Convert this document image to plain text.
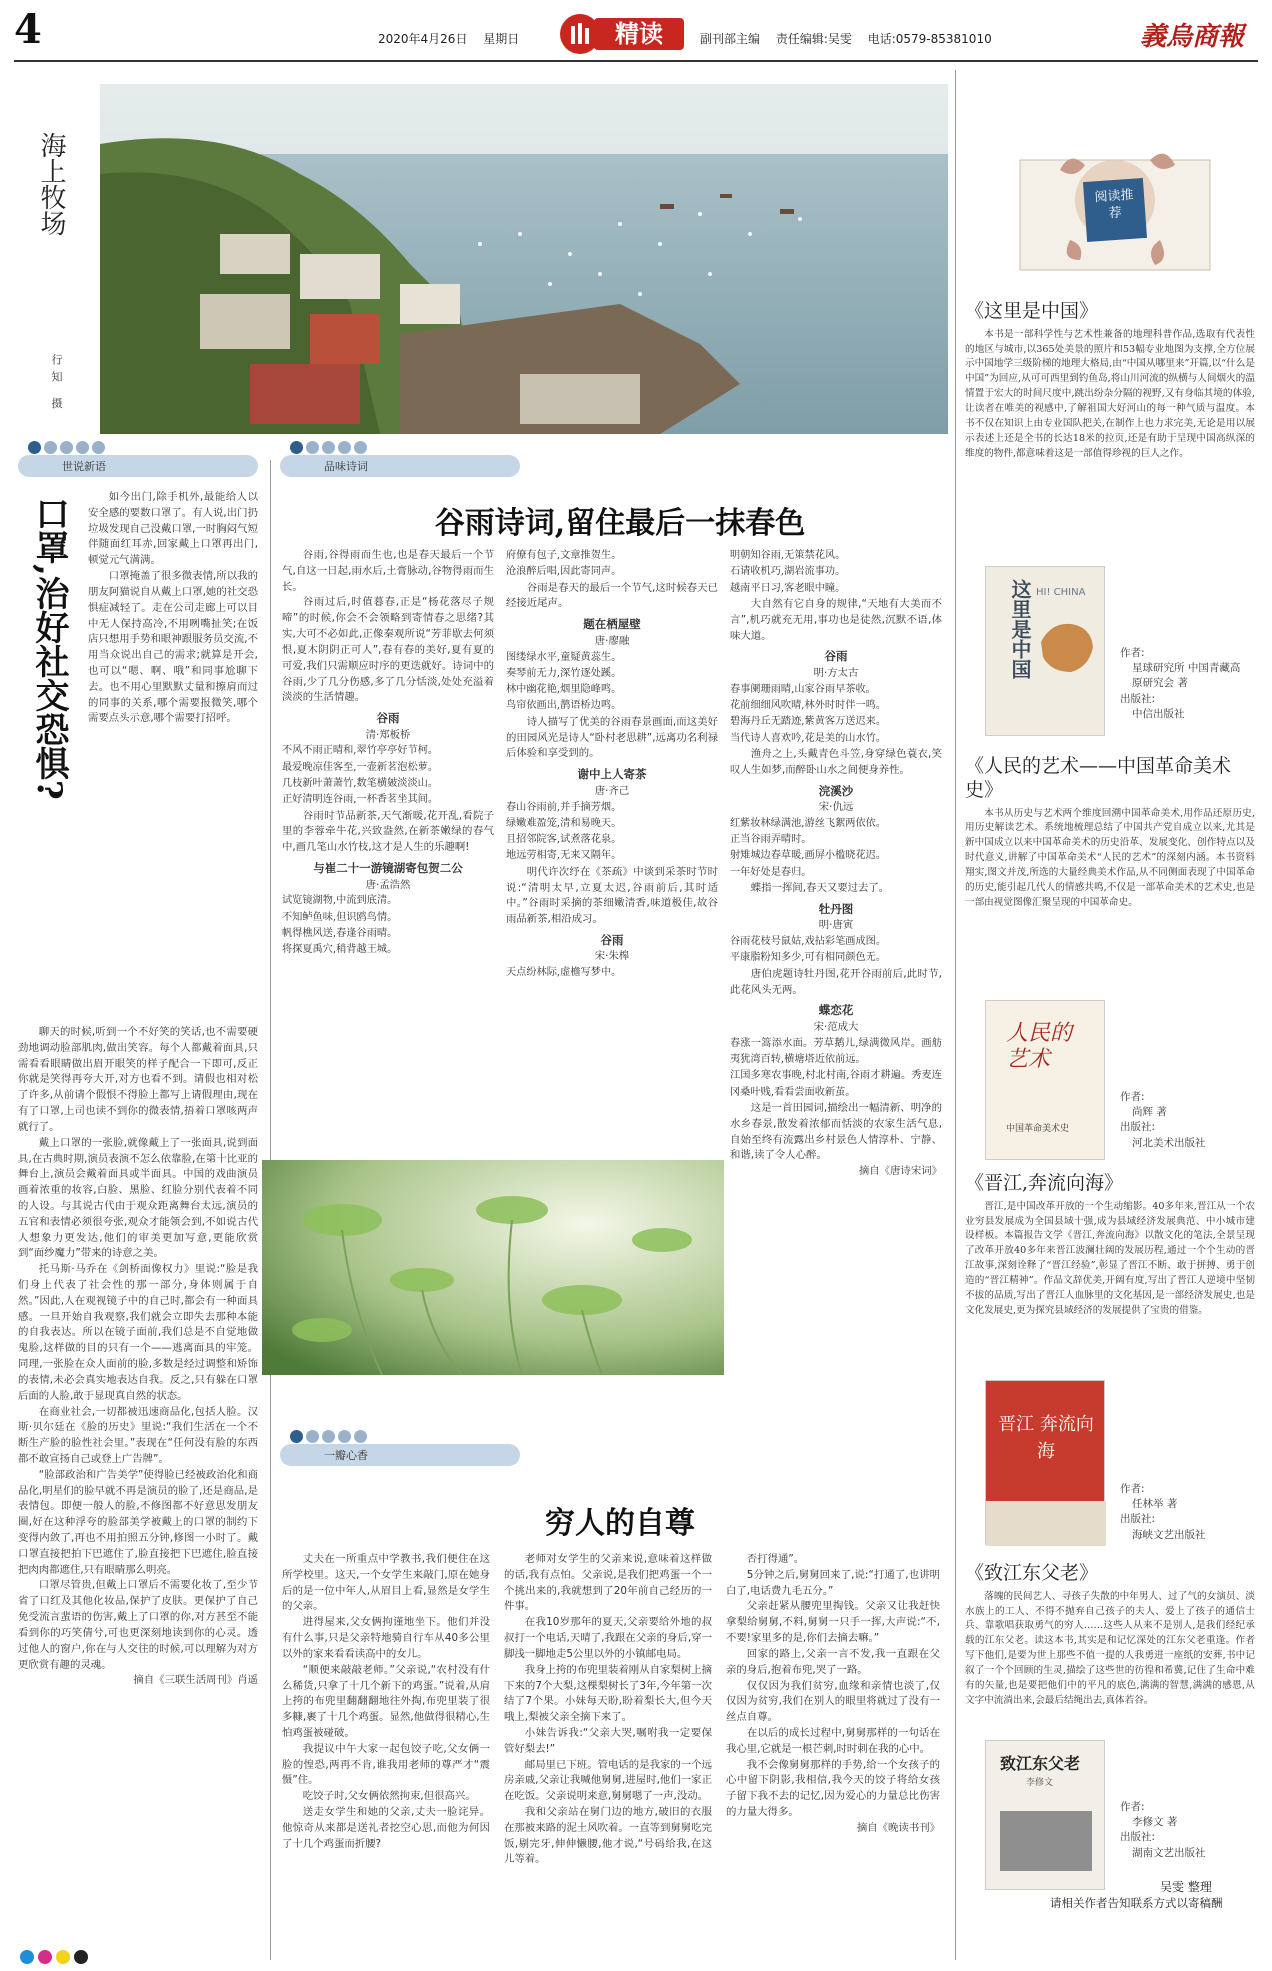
4	2020年4月26日 星期日	精读	副刊部主编 责任编辑:吴雯 电话:0579-85381010	義烏商報
海上牧场
行知 摄
阅读推荐
《这里是中国》
本书是一部科学性与艺术性兼备的地理科普作品,选取有代表性的地区与城市,以365处美景的照片和53幅专业地图为支撑,全方位展示中国地学三级阶梯的地理大格局,由“中国从哪里来”开篇,以“什么是中国”为回应,从可可西里到钓鱼岛,将山川河流的纵横与人间烟火的温情置于宏大的时间尺度中,跳出纷杂分隔的视野,又有身临其境的体验,让读者在唯美的视感中,了解祖国大好河山的每一种气质与温度。本书不仅在知识上由专业国队把关,在制作上也力求完美,无论是用以展示表述上还是全书的长达18米的拉页,还是有助于呈现中国高纵深的维度的物件,都意味着这是一部值得珍视的巨人之作。
这里是中国 HI! CHINA
作者:
星球研究所 中国青藏高原研究会 著
出版社:
中信出版社
《人民的艺术——中国革命美术史》
本书从历史与艺术两个维度回溯中国革命美术,用作品还原历史,用历史解读艺术。系统地梳理总结了中国共产党自成立以来,尤其是新中国成立以来中国革命美术的历史沿革、发展变化、创作特点以及时代意义,讲解了中国革命美术“人民的艺术”的深刻内涵。本书资料翔实,图文并茂,所选的大量经典美术作品,从不同侧面表现了中国革命的历史,能引起几代人的情感共鸣,不仅是一部革命美术的艺术史,也是一部由视觉图像汇聚呈现的中国革命史。
人民的艺术
中国革命美术史
作者:
尚辉 著
出版社:
河北美术出版社
《晋江,奔流向海》
晋江,是中国改革开放的一个生动缩影。40多年来,晋江从一个农业穷县发展成为全国县域十强,成为县域经济发展典范、中小城市建设样板。本篇报告文学《晋江,奔流向海》以散文化的笔法,全景呈现了改革开放40多年来晋江波澜壮阔的发展历程,通过一个个生动的晋江故事,深刻诠释了“晋江经验”,彰显了晋江不断、敢于拼搏、勇于创造的“晋江精神”。作品文辞优美,开阔有度,写出了晋江人逆境中坚韧不拔的品质,写出了晋江人血脉里的文化基因,是一部经济发展史,也是文化发展史,更为探究县域经济的发展提供了宝贵的借鉴。
晋江 奔流向海
作者:
任林举 著
出版社:
海峡文艺出版社
《致江东父老》
落魄的民间艺人、寻孩子失散的中年男人、过了气的女演员、淡水族上的工人、不得不抛弃自己孩子的夫人、爱上了孩子的通信士兵、靠歌唱获取勇气的穷人……这些人从来不是别人,是我们经纪承载的江东父老。读这本书,其实是和记忆深处的江东父老重逢。作者写下他们,是要为世上那些不值一提的人我勇进一座纸的安葬,书中记叙了一个个回顾的生灵,描绘了这些世的彷徨和希冀,记住了生命中难有的矢量,也是要把他们中的平凡的底色,满满的智慧,满满的感恩,从文字中流淌出来,会最后结绳出去,真体若谷。
致江东父老
李修文
作者:
李修文 著
出版社:
湖南文艺出版社
吴雯 整理
请相关作者告知联系方式以寄稿酬
世说新语
口罩,治好社交恐惧?	如今出门,除手机外,最能给人以安全感的要数口罩了。有人说,出门扔垃圾发现自己没戴口罩,一时胸闷气短伴随面红耳赤,回家戴上口罩再出门,顿觉元气满满。

口罩掩盖了很多微表情,所以我的朋友阿猫说自从戴上口罩,她的社交恐惧症减轻了。走在公司走廊上可以目中无人保持高冷,不用咧嘴扯笑;在饭店只想用手势和眼神跟服务员交流,不用当众说出自己的需求;就算是开会,也可以“嗯、啊、哦”和同事尬聊下去。也不用心里默默丈量和擦肩而过的同事的关系,哪个需要报微笑,哪个需要点头示意,哪个需要打招呼。

聊天的时候,听到一个不好笑的笑话,也不需要硬劲地调动脸部肌肉,做出笑容。每个人都戴着面具,只需看看眼睛做出眉开眼笑的样子配合一下即可,反正你就是笑得再夸大开,对方也看不到。请假也相对松了许多,从前请个假恨不得脸上都写上请假理由,现在有了口罩,上司也读不到你的微表情,捂着口罩咳两声就行了。

戴上口罩的一张脸,就像戴上了一张面具,说到面具,在古典时期,演员表演不怎么依靠脸,在第十比亚的舞台上,演员会戴着面具或半面具。中国的戏曲演员画着浓重的妆容,白脸、黑脸、红脸分别代表着不同的人设。与其说古代由于观众距离舞台太远,演员的五官和表情必须很夸张,观众才能领会到,不如说古代人想象力更发达,他们的审美更加写意,更能欣赏到“面纱魔力”带来的诗意之美。

托马斯·马乔在《剑桥面像权力》里说:“脸是我们身上代表了社会性的那一部分,身体则属于自然。”因此,人在观视镜子中的自己时,都会有一种面具感。一旦开始自我观察,我们就会立即失去那种本能的自我表达。所以在镜子面前,我们总是不自觉地做鬼脸,这样做的目的只有一个——逃离面具的牢笼。同理,一张脸在众人面前的脸,多数是经过调整和矫饰的表情,未必会真实地表达自我。反之,只有躲在口罩后面的人脸,敢于显现真自然的状态。

在商业社会,一切都被迅速商品化,包括人脸。汉斯·贝尔廷在《脸的历史》里说:“我们生活在一个不断生产脸的脸性社会里。”表现在“任何没有脸的东西都不敢宣扬自己或登上广告牌”。

“脸部政治和广告美学”使得脸已经被政治化和商品化,明星们的脸早就不再是演员的脸了,还是商品,是表情包。即便一般人的脸,不修图都不好意思发朋友圈,好在这种浮夸的脸部美学被戴上的口罩的制约下变得内敛了,再也不用拍照五分钟,修图一小时了。戴口罩直接把拍下巴遮住了,脸直接把下巴遮住,脸直接把肉肉都遮住,只有眼睛那么明亮。

口罩尽管贵,但戴上口罩后不需要化妆了,至少节省了口红及其他化妆品,保护了皮肤。更保护了自己免受流言蜚语的伤害,戴上了口罩的你,对方甚至不能看到你的巧笑倩兮,可也更深刻地读到你的心灵。透过他人的窗户,你在与人交往的时候,可以理解为对方更欣赏有趣的灵魂。

摘自《三联生活周刊》肖遥

品味诗词
谷雨诗词,留住最后一抹春色

谷雨,谷得雨而生也,也是春天最后一个节气,自这一日起,雨水后,土膏脉动,谷物得雨而生长。

谷雨过后,时值暮春,正是“杨花落尽子规啼”的时候,你会不会领略到寄情春之思绪?其实,大可不必如此,正像秦观所说“芳菲歇去何须恨,夏木阴阴正可人”,春有春的美好,夏有夏的可爱,我们只需顺应时序的更迭就好。诗词中的谷雨,少了几分伤感,多了几分恬淡,处处充溢着淡淡的生活情趣。

谷雨
清·郑板桥
不风不雨正晴和,翠竹亭亭好节柯。
最爱晚凉佳客至,一壶新茗泡松萝。
几枝新叶萧萧竹,数笔横皴淡淡山。
正好清明连谷雨,一杯香茗坐其间。

谷雨时节品新茶,天气渐暖,花开乱,看院子里的李蓉牵牛花,兴致盎然,在新茶嫩绿的春气中,画几笔山水竹枝,这才是人生的乐趣啊!

与崔二十一游镜湖寄包贺二公
唐·孟浩然
试览镜湖物,中流到底清。
不知鲈鱼味,但识鸥鸟情。
帆得樵风送,春逢谷雨晴。
将探夏禹穴,稍背越王城。
府僚有包子,文章推贺生。
沧浪醉后唱,因此寄同声。

谷雨是春天的最后一个节气,这时候春天已经接近尾声。

题在栖屋壁
唐·廖融
图缕绿水平,童疑黄蕊生。
奏琴前无力,深竹逐处蹊。
林中幽花艳,烟里隐峰鸣。
鸟帘依画出,鹊语桥边鸣。

诗人描写了优美的谷雨春景画面,而这美好的田园风光是诗人“卧村老思耕”,远离功名利禄后体验和享受到的。

谢中上人寄茶
唐·齐己
春山谷雨前,并手摘芳烟。
绿嫩难盈笼,清和易晚天。
且招邻院客,试煮落花泉。
地远劳相寄,无来又隔年。

明代许次纾在《茶疏》中谈到采茶时节时说:“清明太早,立夏太迟,谷雨前后,其时适中。”谷雨时采摘的茶细嫩清香,味道极佳,故谷雨品新茶,相沿成习。

谷雨
宋·朱槔
天点纷林际,虚檐写梦中。
明朝知谷雨,无策禁花风。
石请收机巧,湖岩流事功。
越南平日习,客老眼中瞳。

大自然有它自身的规律,“天地有大美而不言”,机巧就充无用,事功也是徒然,沉默不语,体味大道。

谷雨
明·方太古
春事阑珊雨晴,山家谷雨早茶收。
花前细细风吹晴,林外时时伴一鸣。
碧海丹丘无踏迹,紫黄客万送迟来。
当代诗人喜欢吟,花是美的山水竹。

渔舟之上,头戴青色斗笠,身穿绿色蓑衣,笑叹人生如梦,而醉卧山水之间便身养性。

浣溪沙
宋·仇远
红紫妆林绿满池,游丝飞絮两依依。
正当谷雨弄晴时。
射雉城边春草暖,画屏小槛晓花迟。
一年好处是春归。

蝶指一挥间,春天又要过去了。

牡丹图
明·唐寅
谷雨花枝号鼠姑,戏拈彩笔画成图。
平康脂粉知多少,可有相同颜色无。

唐伯虎题诗牡丹图,花开谷雨前后,此时节,此花风头无两。

蝶恋花
宋·范成大
春涨一篙添水面。芳草鹅儿,绿满微风岸。画舫夷犹湾百转,横塘塔近依前远。
江国多寒农事晚,村北村南,谷雨才耕遍。秀麦连冈桑叶贱,看看尝面收新茧。

这是一首田园词,描绘出一幅清新、明净的水乡春景,散发着浓郁而恬淡的农家生活气息,自始至终有流露出乡村景色人情淳朴、宁静、和谐,读了令人心醉。

摘自《唐诗宋词》

一瓣心香
穷人的自尊

丈夫在一所重点中学教书,我们便住在这所学校里。这天,一个女学生来敲门,原在她身后的是一位中年人,从眉目上看,显然是女学生的父亲。

进得屋来,父女俩拘谨地坐下。他们并没有什么事,只是父亲特地骑自行车从40多公里以外的家来看看读高中的女儿。

“顺便来敲敲老师。”父亲说,“农村没有什么稀货,只拿了十几个新下的鸡蛋。”说着,从肩上挎的布兜里翻翻翻地往外掏,布兜里装了很多糠,裹了十几个鸡蛋。显然,他做得很精心,生怕鸡蛋被碰破。

我提议中午大家一起包饺子吃,父女俩一脸的惶恐,两再不肯,谁我用老师的尊严才“震慑”住。

吃饺子时,父女俩依然拘束,但很高兴。

送走女学生和她的父亲,丈夫一脸诧异。他惊奇从来都是送礼者挖空心思,而他为何因了十几个鸡蛋而折腰?

老师对女学生的父亲来说,意味着这样做的话,我有点怕。父亲说,是我们把鸡蛋一个一个挑出来的,我就想到了20年前自己经历的一件事。

在我10岁那年的夏天,父亲要给外地的叔叔打一个电话,天晴了,我跟在父亲的身后,穿一脚浅一脚地走5公里以外的小镇邮电局。

我身上挎的布兜里装着刚从自家梨树上摘下来的7个大梨,这棵梨树长了3年,今年第一次结了7个果。小妹每天盼,盼着梨长大,但今天哦上,梨被父亲全摘下来了。

小妹告诉我:“父亲大哭,嘱咐我一定要保管好梨去!”

邮局里已下班。管电话的是我家的一个远房亲戚,父亲让我喊他舅舅,进屋时,他们一家正在吃饭。父亲说明来意,舅舅嗯了一声,没动。

我和父亲站在舅门边的地方,破旧的衣服在那被来路的泥土风吹着。一直等到舅舅吃完饭,剔完牙,伸伸懒腰,他才说,“号码给我,在这儿等着。

否打得通”。

5分钟之后,舅舅回来了,说:“打通了,也讲明白了,电话费九毛五分。”

父亲赶紧从腰兜里掏钱。父亲又让我赶快拿梨给舅舅,不料,舅舅一只手一挥,大声说:“不,不要!家里多的是,你们去摘去嘛。”

回家的路上,父亲一言不发,我一直跟在父亲的身后,抱着布兜,哭了一路。

仅仅因为我们贫穷,血缘和亲情也淡了,仅仅因为贫穷,我们在别人的眼里将就过了没有一丝点自尊。

在以后的成长过程中,舅舅那样的一句话在我心里,它就是一根芒刺,时时刺在我的心中。

我不会像舅舅那样的手势,给一个女孩子的心中留下阴影,我相信,我今天的饺子将给女孩子留下我不去的记忆,因为爱心的力量总比伤害的力量大得多。

摘自《晚读书刊》
